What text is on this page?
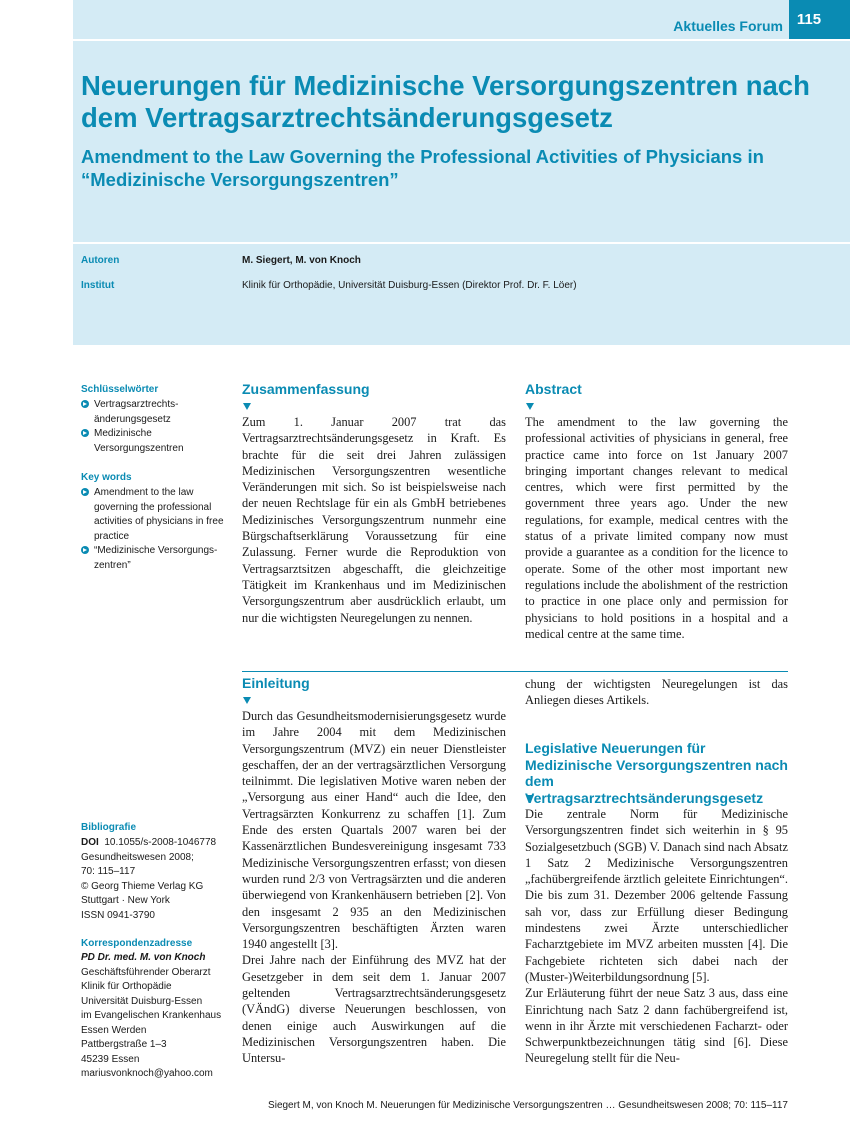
Aktuelles Forum 115
Neuerungen für Medizinische Versorgungszentren nach dem Vertragsarztrechtsänderungsgesetz
Amendment to the Law Governing the Professional Activities of Physicians in “Medizinische Versorgungszentren”
Autoren	M. Siegert, M. von Knoch
Institut	Klinik für Orthopädie, Universität Duisburg-Essen (Direktor Prof. Dr. F. Löer)
Schlüsselwörter
Vertragsarztrechts-änderungsgesetz
Medizinische Versorgungszentren
Key words
Amendment to the law governing the professional activities of physicians in free practice
“Medizinische Versorgungs-zentren”
Bibliografie
DOI 10.1055/s-2008-1046778
Gesundheitswesen 2008;
70: 115–117
© Georg Thieme Verlag KG
Stuttgart · New York
ISSN 0941-3790
Korrespondenzadresse
PD Dr. med. M. von Knoch
Geschäftsführender Oberarzt
Klinik für Orthopädie
Universität Duisburg-Essen
im Evangelischen Krankenhaus
Essen Werden
Pattbergstraße 1–3
45239 Essen
mariusvonknoch@yahoo.com
Zusammenfassung
Zum 1. Januar 2007 trat das Vertragsarztrechtsänderungsgesetz in Kraft. Es brachte für die seit drei Jahren zulässigen Medizinischen Versorgungszentren wesentliche Veränderungen mit sich. So ist beispielsweise nach der neuen Rechtslage für ein als GmbH betriebenes Medizinisches Versorgungszentrum nunmehr eine Bürgschaftserklärung Voraussetzung für eine Zulassung. Ferner wurde die Reproduktion von Vertragsarztsitzen abgeschafft, die gleichzeitige Tätigkeit im Krankenhaus und im Medizinischen Versorgungszentrum aber ausdrücklich erlaubt, um nur die wichtigsten Neuregelungen zu nennen.
Abstract
The amendment to the law governing the professional activities of physicians in general, free practice came into force on 1st January 2007 bringing important changes relevant to medical centres, which were first permitted by the government three years ago. Under the new regulations, for example, medical centres with the status of a private limited company now must provide a guarantee as a condition for the licence to operate. Some of the other most important new regulations include the abolishment of the restriction to practice in one place only and permission for physicians to hold positions in a hospital and a medical centre at the same time.
Einleitung

Durch das Gesundheitsmodernisierungsgesetz wurde im Jahre 2004 mit dem Medizinischen Versorgungszentrum (MVZ) ein neuer Dienstleister geschaffen, der an der vertragsärztlichen Versorgung teilnimmt. Die legislativen Motive waren neben der „Versorgung aus einer Hand“ auch die Idee, den Vertragsärzten Konkurrenz zu schaffen [1]. Zum Ende des ersten Quartals 2007 waren bei der Kassenärztlichen Bundesvereinigung insgesamt 733 Medizinische Versorgungszentren erfasst; von diesen wurden rund 2/3 von Vertragsärzten und die anderen überwiegend von Krankenhäusern betrieben [2]. Von den insgesamt 2 935 an den Medizinischen Versorgungszentren beschäftigten Ärzten waren 1940 angestellt [3].

Drei Jahre nach der Einführung des MVZ hat der Gesetzgeber in dem seit dem 1. Januar 2007 geltenden Vertragsarztrechtsänderungsgesetz (VÄndG) diverse Neuerungen beschlossen, von denen einige auch Auswirkungen auf die Medizinischen Versorgungszentren haben. Die Untersu-

chung der wichtigsten Neuregelungen ist das Anliegen dieses Artikels.

Legislative Neuerungen für Medizinische Versorgungszentren nach dem Vertragsarztrechtsänderungsgesetz

Die zentrale Norm für Medizinische Versorgungszentren findet sich weiterhin in § 95 Sozialgesetzbuch (SGB) V. Danach sind nach Absatz 1 Satz 2 Medizinische Versorgungszentren „fachübergreifende ärztlich geleitete Einrichtungen“. Die bis zum 31. Dezember 2006 geltende Fassung sah vor, dass zur Erfüllung dieser Bedingung mindestens zwei Ärzte unterschiedlicher Facharztgebiete im MVZ arbeiten mussten [4]. Die Fachgebiete richteten sich dabei nach der (Muster-)Weiterbildungsordnung [5].

Zur Erläuterung führt der neue Satz 3 aus, dass eine Einrichtung nach Satz 2 dann fachübergreifend ist, wenn in ihr Ärzte mit verschiedenen Facharzt- oder Schwerpunktbezeichnungen tätig sind [6]. Diese Neuregelung stellt für die Neu-

Siegert M, von Knoch M. Neuerungen für Medizinische Versorgungszentren … Gesundheitswesen 2008; 70: 115–117
